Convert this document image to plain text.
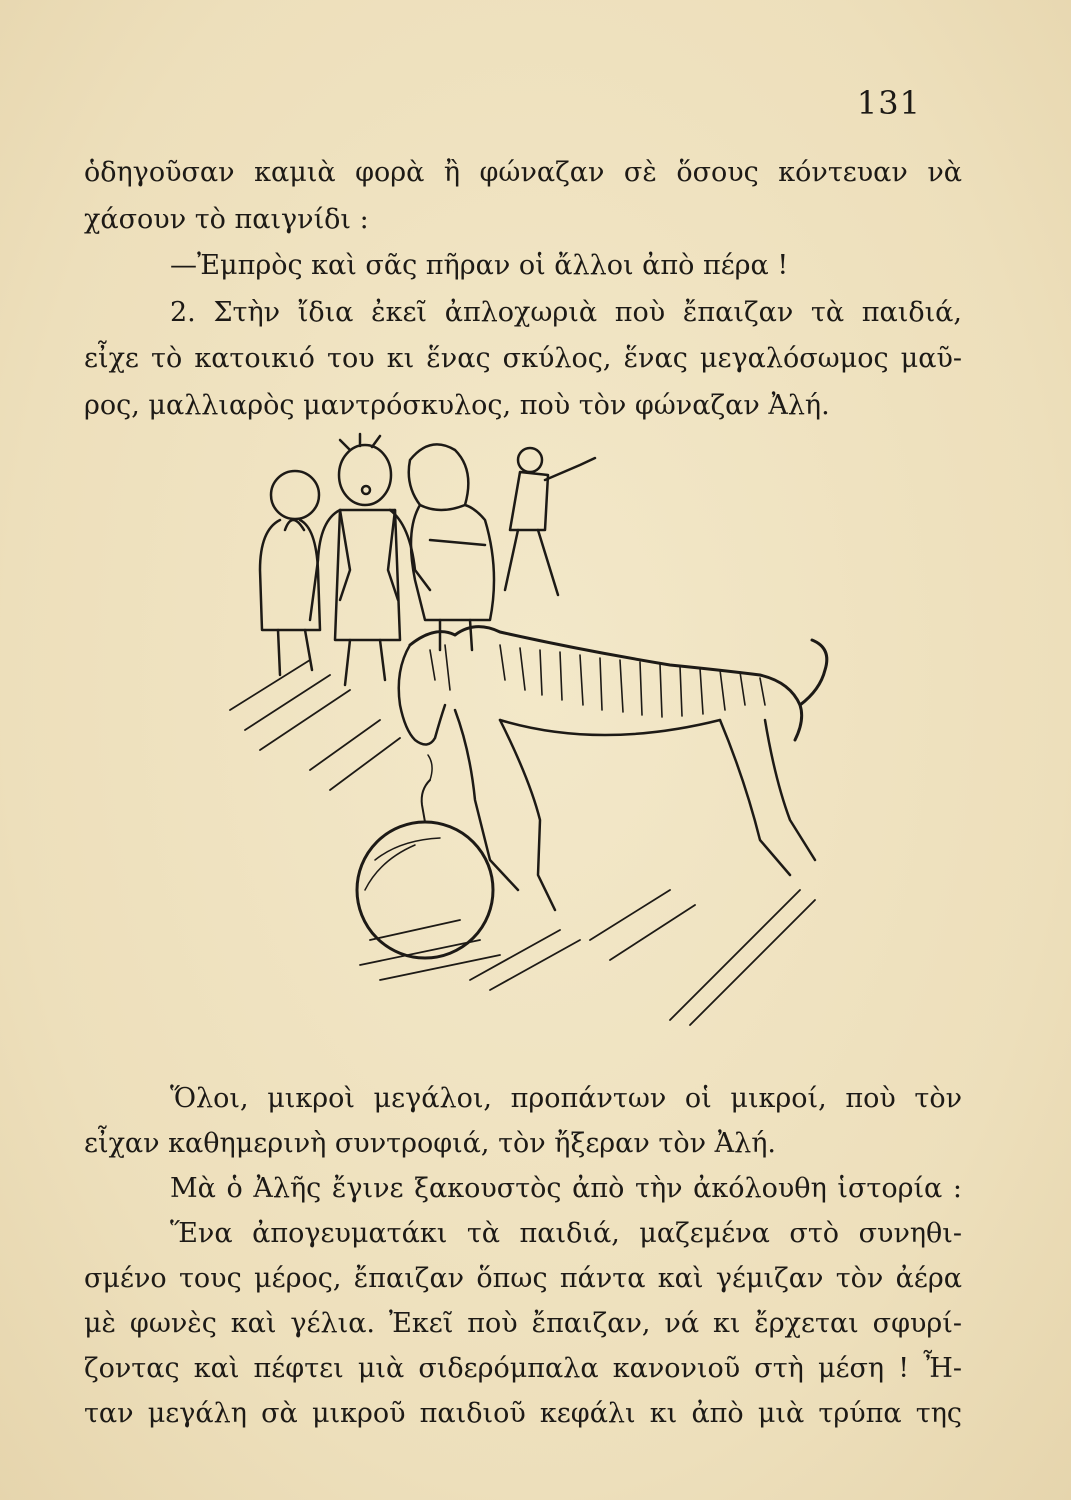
131

ὁδηγοῦσαν καμιὰ φορὰ ἢ φώναζαν σὲ ὅσους κόντευαν νὰ

χάσουν τὸ παιγνίδι :

—Ἐμπρὸς καὶ σᾶς πῆραν οἱ ἄλλοι ἀπὸ πέρα !

2. Στὴν ἴδια ἐκεῖ ἀπλοχωριὰ ποὺ ἔπαιζαν τὰ παιδιά,

εἶχε τὸ κατοικιό του κι ἕνας σκύλος, ἕνας μεγαλόσωμος μαῦ-

ρος, μαλλιαρὸς μαντρόσκυλος, ποὺ τὸν φώναζαν Ἀλή.

Ὅλοι, μικροὶ μεγάλοι, προπάντων οἱ μικροί, ποὺ τὸν

εἶχαν καθημερινὴ συντροφιά, τὸν ἤξεραν τὸν Ἀλή.

Μὰ ὁ Ἀλῆς ἔγινε ξακουστὸς ἀπὸ τὴν ἀκόλουθη ἱστορία :

Ἕνα ἀπογευματάκι τὰ παιδιά, μαζεμένα στὸ συνηθι-

σμένο τους μέρος, ἔπαιζαν ὅπως πάντα καὶ γέμιζαν τὸν ἀέρα

μὲ φωνὲς καὶ γέλια. Ἐκεῖ ποὺ ἔπαιζαν, νά κι ἔρχεται σφυρί-

ζοντας καὶ πέφτει μιὰ σιδερόμπαλα κανονιοῦ στὴ μέση ! Ἦ-

ταν μεγάλη σὰ μικροῦ παιδιοῦ κεφάλι κι ἀπὸ μιὰ τρύπα της
